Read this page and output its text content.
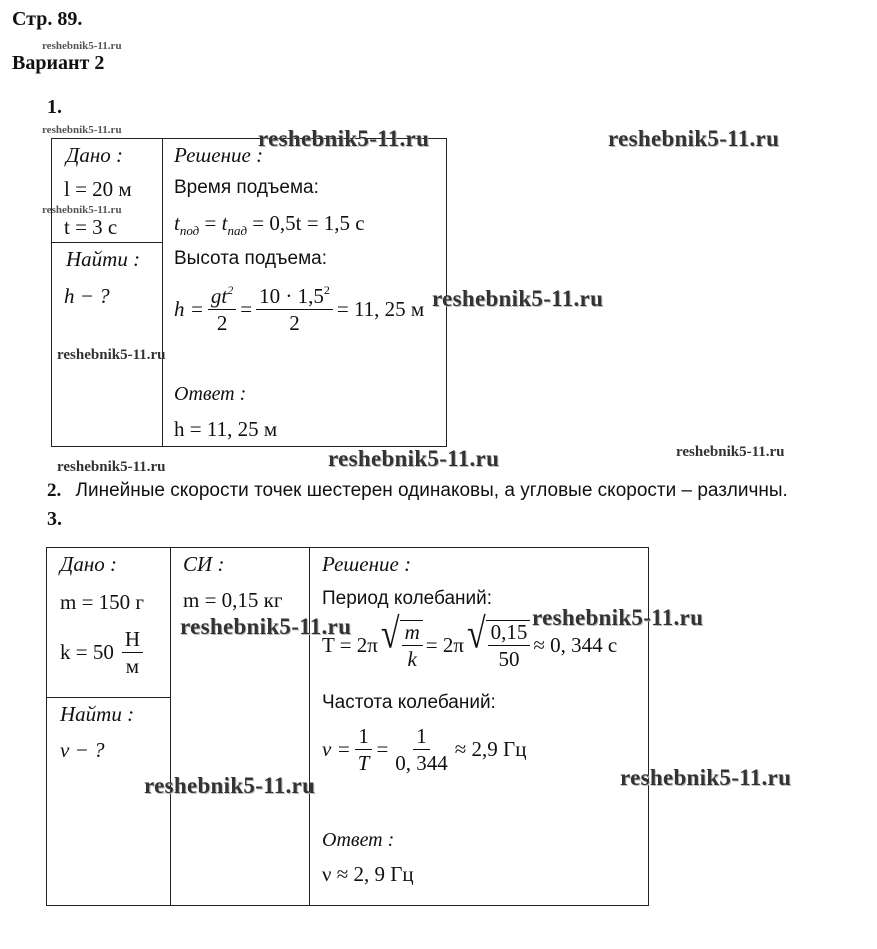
Стр. 89.
reshebnik5-11.ru
Вариант 2
1.
reshebnik5-11.ru
Дано :
l = 20 м
reshebnik5-11.ru
t = 3 с
Найти :
h − ?
Решение :
Время подъема:
$t_{под} = t_{пад} = 0,5t = 1,5$ с
Высота подъема:
$h = \frac{gt^2}{2} = \frac{10 \cdot 1,5^2}{2} = 11$, 25 м
Ответ :
h = 11, 25 м
reshebnik5-11.ru	reshebnik5-11.ru
reshebnik5-11.ru
reshebnik5-11.ru
reshebnik5-11.ru	reshebnik5-11.ru
reshebnik5-11.ru
2. Линейные скорости точек шестерен одинаковы, а угловые скорости – различны.
3.
Дано :
m = 150 г
$k = 50 \frac{Н}{м}$
Найти :
ν − ?
СИ :
m = 0,15 кг
Решение :
Период колебаний:
T = 2π √ $\frac{m}{k} = 2\pi$ √ $\frac{0,15}{50} \approx 0$, 344 с
Частота колебаний:
$\nu = \frac{1}{T} = \frac{1}{0, 344} \approx 2,9$ Гц
Ответ :
ν ≈ 2, 9 Гц
reshebnik5-11.ru
reshebnik5-11.ru
reshebnik5-11.ru
reshebnik5-11.ru
